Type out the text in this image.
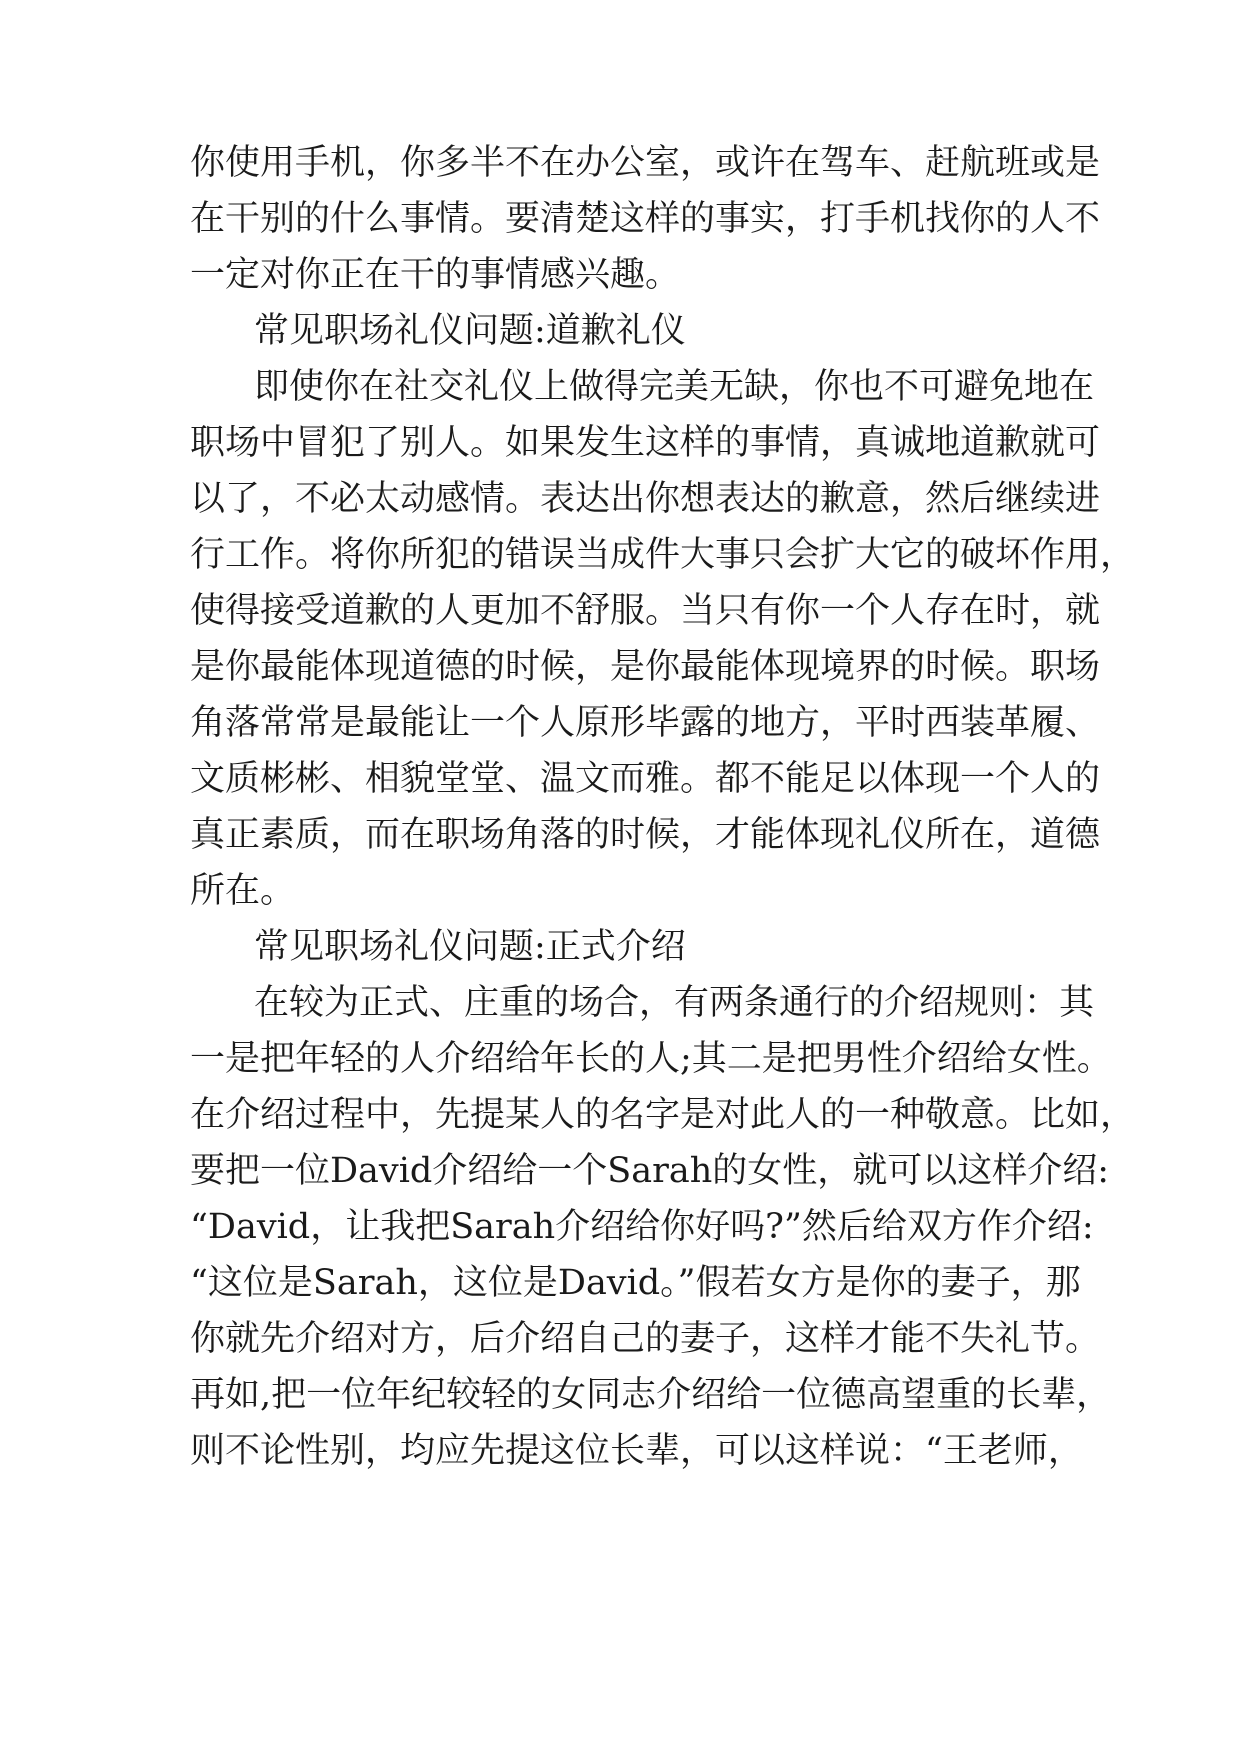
你使用手机，你多半不在办公室，或许在驾车、赶航班或是
在干别的什么事情。要清楚这样的事实，打手机找你的人不
一定对你正在干的事情感兴趣。
常见职场礼仪问题:道歉礼仪
即使你在社交礼仪上做得完美无缺，你也不可避免地在
职场中冒犯了别人。如果发生这样的事情，真诚地道歉就可
以了，不必太动感情。表达出你想表达的歉意，然后继续进
行工作。将你所犯的错误当成件大事只会扩大它的破坏作用，
使得接受道歉的人更加不舒服。当只有你一个人存在时，就
是你最能体现道德的时候，是你最能体现境界的时候。职场
角落常常是最能让一个人原形毕露的地方，平时西装革履、
文质彬彬、相貌堂堂、温文而雅。都不能足以体现一个人的
真正素质，而在职场角落的时候，才能体现礼仪所在，道德
所在。
常见职场礼仪问题:正式介绍
在较为正式、庄重的场合，有两条通行的介绍规则：其
一是把年轻的人介绍给年长的人;其二是把男性介绍给女性。
在介绍过程中，先提某人的名字是对此人的一种敬意。比如，
要把一位David介绍给一个Sarah的女性，就可以这样介绍:
“David，让我把Sarah介绍给你好吗?”然后给双方作介绍:
“这位是Sarah，这位是David。”假若女方是你的妻子，那
你就先介绍对方，后介绍自己的妻子，这样才能不失礼节。
再如,把一位年纪较轻的女同志介绍给一位德高望重的长辈，
则不论性别，均应先提这位长辈，可以这样说：“王老师，
